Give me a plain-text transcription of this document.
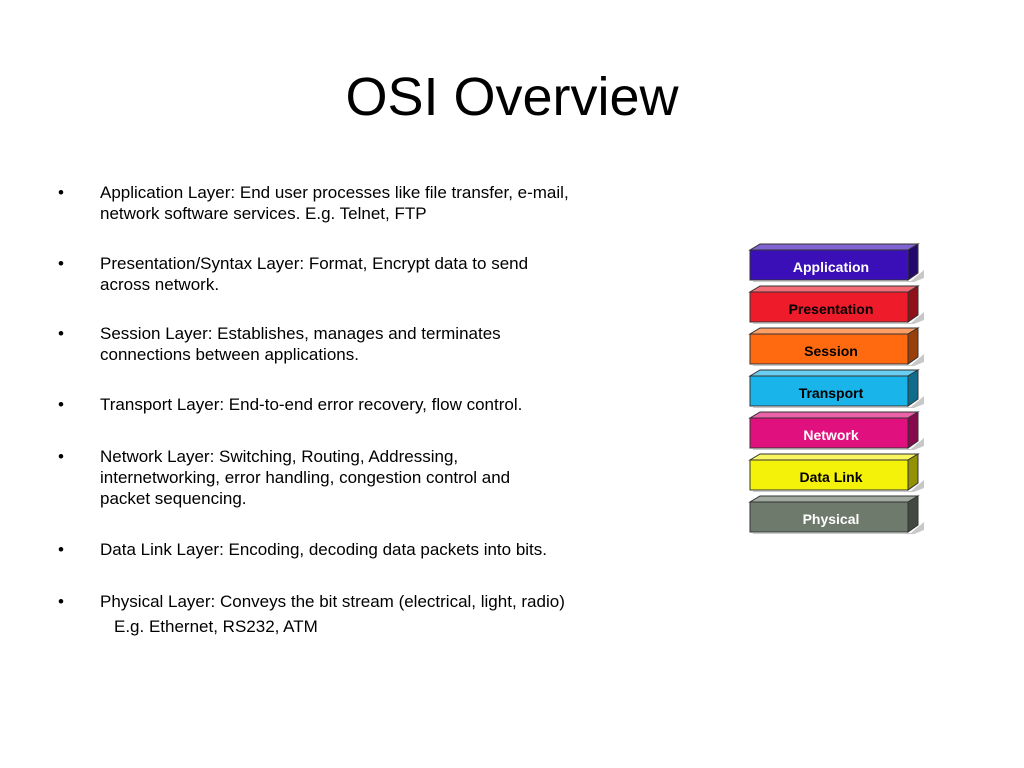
OSI Overview
•	Application Layer: End user processes like file transfer, e-mail,
network software services. E.g. Telnet, FTP
•	Presentation/Syntax Layer: Format, Encrypt data to send
across network.
•	Session Layer: Establishes, manages and terminates
connections between applications.
•	Transport Layer: End-to-end error recovery, flow control.
•	Network Layer: Switching, Routing, Addressing,
internetworking, error handling, congestion control and
packet sequencing.
•	Data Link Layer: Encoding, decoding data packets into bits.
•	Physical Layer: Conveys the bit stream (electrical, light, radio)
E.g. Ethernet, RS232, ATM
Application
Presentation
Session
Transport
Network
Data Link
Physical
